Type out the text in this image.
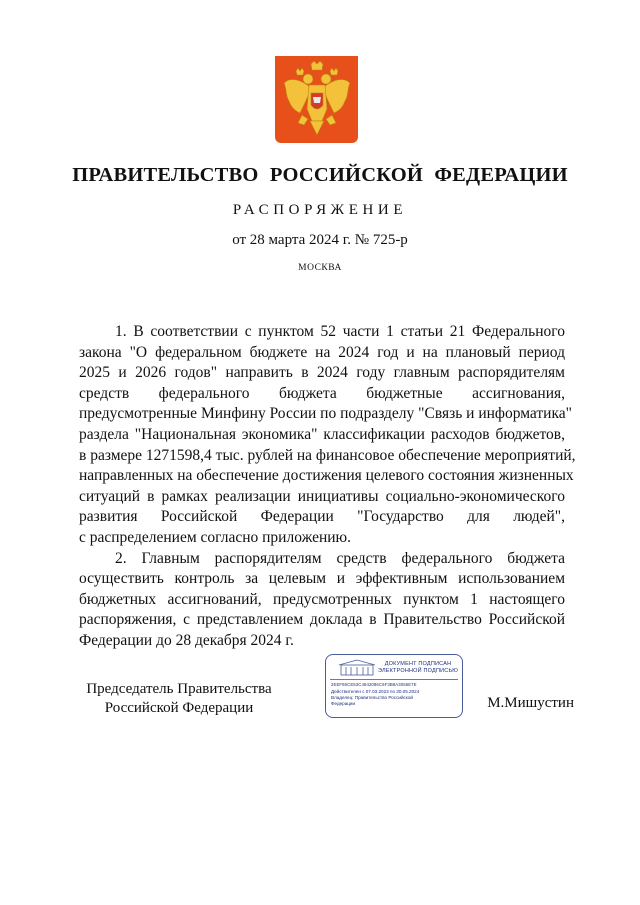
ПРАВИТЕЛЬСТВО РОССИЙСКОЙ ФЕДЕРАЦИИ
РАСПОРЯЖЕНИЕ
от 28 марта 2024 г. № 725-р
МОСКВА
1. В соответствии с пунктом 52 части 1 статьи 21 Федерального
закона "О федеральном бюджете на 2024 год и на плановый период
2025 и 2026 годов" направить в 2024 году главным распорядителям
средств федерального бюджета бюджетные ассигнования,
предусмотренные Минфину России по подразделу "Связь и информатика"
раздела "Национальная экономика" классификации расходов бюджетов,
в размере 1271598,4 тыс. рублей на финансовое обеспечение мероприятий,
направленных на обеспечение достижения целевого состояния жизненных
ситуаций в рамках реализации инициативы социально-экономического
развития Российской Федерации "Государство для людей",
с распределением согласно приложению.
2. Главным распорядителям средств федерального бюджета
осуществить контроль за целевым и эффективным использованием
бюджетных ассигнований, предусмотренных пунктом 1 настоящего
распоряжения, с представлением доклада в Правительство Российской
Федерации до 28 декабря 2024 г.
Председатель Правительства
Российской Федерации
ДОКУМЕНТ ПОДПИСАН
ЭЛЕКТРОННОЙ ПОДПИСЬЮ
2EEF86CE53C4842086C6F3B8A3056E7E
Действителен с 07.03.2023 по 30.05.2024
Владелец: Правительство Российской
Федерации	М.Мишустин
